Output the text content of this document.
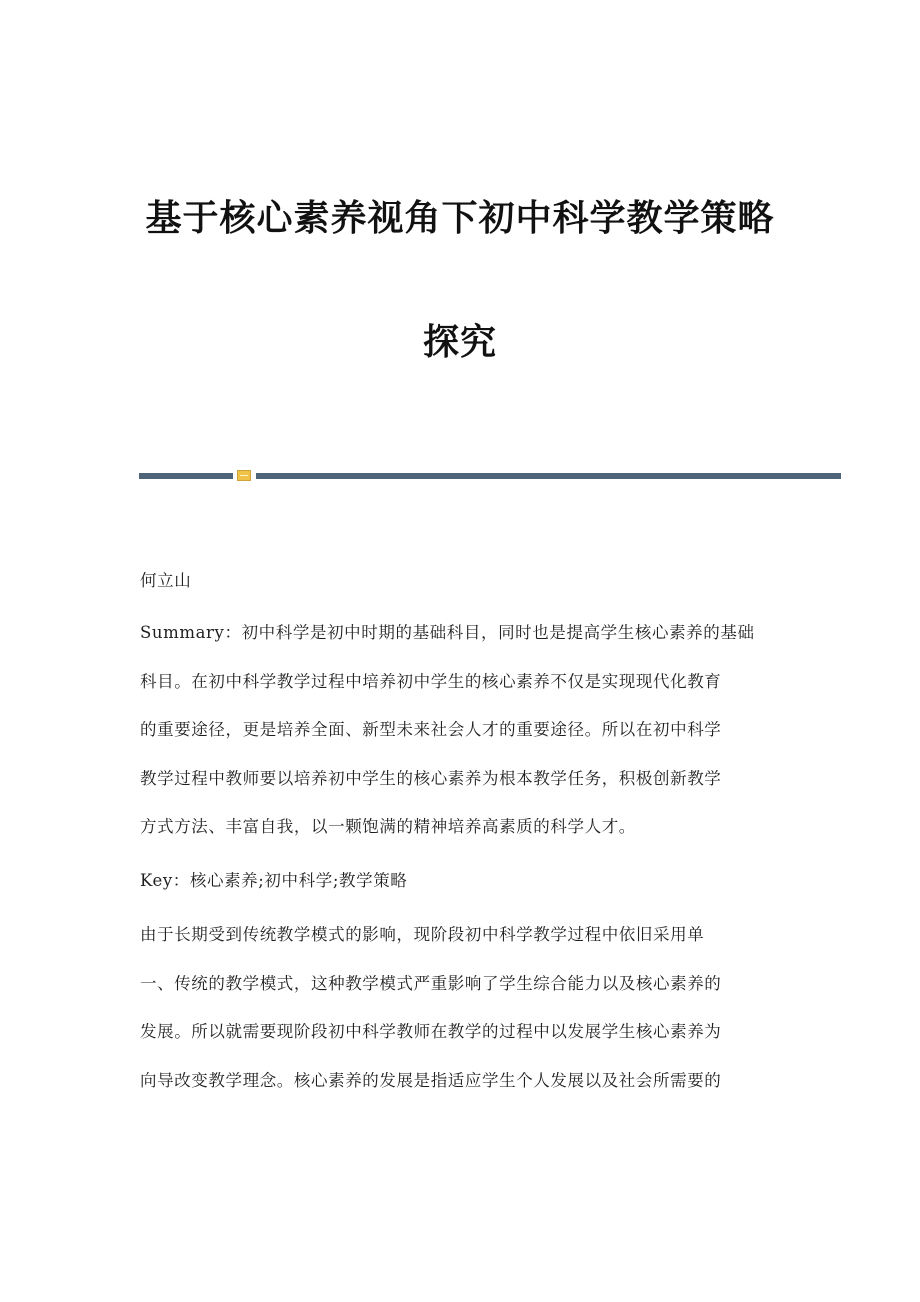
基于核心素养视角下初中科学教学策略
探究
何立山

Summary：初中科学是初中时期的基础科目，同时也是提高学生核心素养的基础

科目。在初中科学教学过程中培养初中学生的核心素养不仅是实现现代化教育

的重要途径，更是培养全面、新型未来社会人才的重要途径。所以在初中科学

教学过程中教师要以培养初中学生的核心素养为根本教学任务，积极创新教学

方式方法、丰富自我，以一颗饱满的精神培养高素质的科学人才。

Key：核心素养;初中科学;教学策略

由于长期受到传统教学模式的影响，现阶段初中科学教学过程中依旧采用单

一、传统的教学模式，这种教学模式严重影响了学生综合能力以及核心素养的

发展。所以就需要现阶段初中科学教师在教学的过程中以发展学生核心素养为

向导改变教学理念。核心素养的发展是指适应学生个人发展以及社会所需要的
